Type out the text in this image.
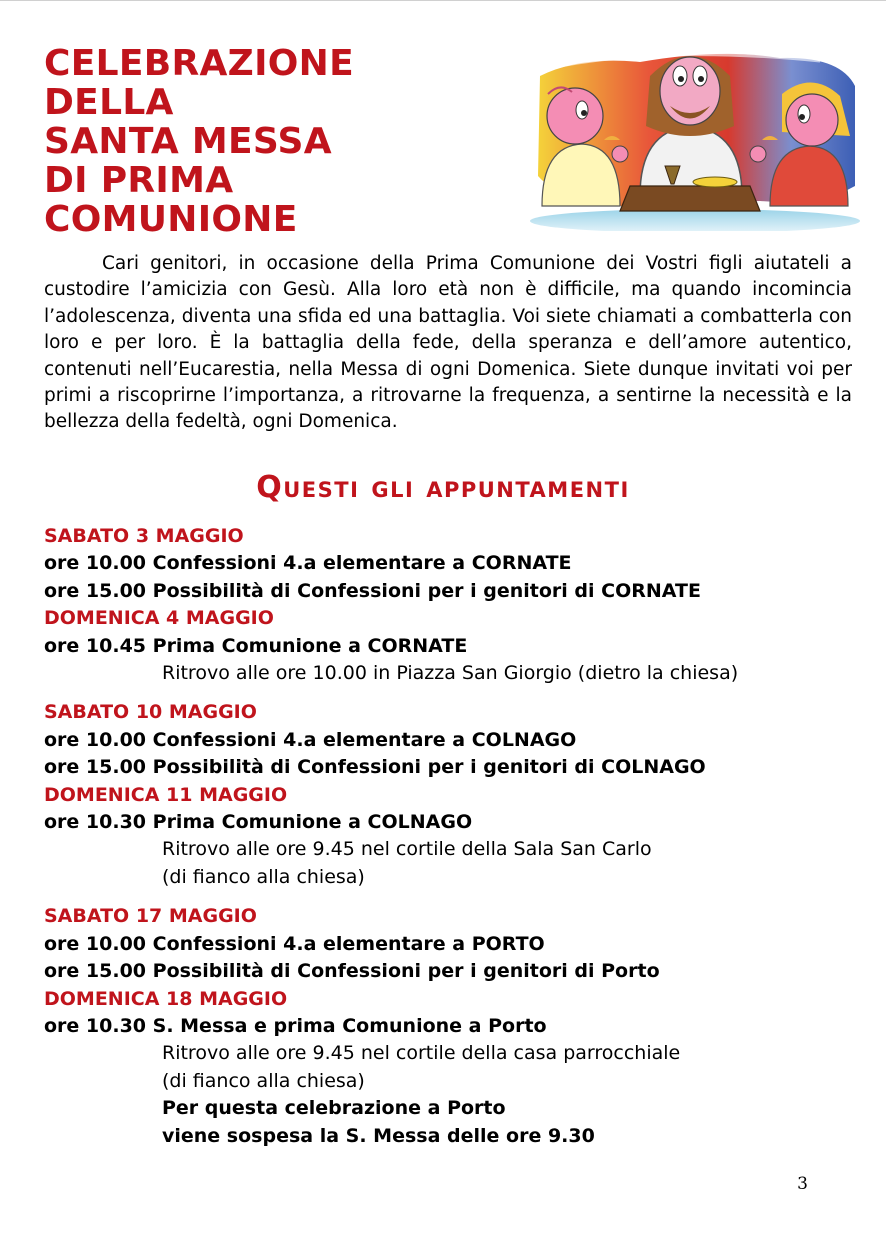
CELEBRAZIONE
DELLA
SANTA MESSA
DI PRIMA
COMUNIONE

Cari genitori, in occasione della Prima Comunione dei Vostri figli aiutateli a custodire l’amicizia con Gesù. Alla loro età non è difficile, ma quando incomincia l’adolescenza, diventa una sfida ed una battaglia. Voi siete chiamati a combatterla con loro e per loro. È la battaglia della fede, della speranza e dell’amore autentico, contenuti nell’Eucarestia, nella Messa di ogni Domenica. Siete dunque invitati voi per primi a riscoprirne l’importanza, a ritrovarne la frequenza, a sentirne la necessità e la bellezza della fedeltà, ogni Domenica.

Questi gli appuntamenti
SABATO 3 MAGGIO
ore 10.00 Confessioni 4.a elementare a CORNATE
ore 15.00 Possibilità di Confessioni per i genitori di CORNATE
DOMENICA 4 MAGGIO
ore 10.45 Prima Comunione a CORNATE
Ritrovo alle ore 10.00 in Piazza San Giorgio (dietro la chiesa)
SABATO 10 MAGGIO
ore 10.00 Confessioni 4.a elementare a COLNAGO
ore 15.00 Possibilità di Confessioni per i genitori di COLNAGO
DOMENICA 11 MAGGIO
ore 10.30 Prima Comunione a COLNAGO
Ritrovo alle ore 9.45 nel cortile della Sala San Carlo
(di fianco alla chiesa)
SABATO 17 MAGGIO
ore 10.00 Confessioni 4.a elementare a PORTO
ore 15.00 Possibilità di Confessioni per i genitori di Porto
DOMENICA 18 MAGGIO
ore 10.30 S. Messa e prima Comunione a Porto
Ritrovo alle ore 9.45 nel cortile della casa parrocchiale
(di fianco alla chiesa)
Per questa celebrazione a Porto
viene sospesa la S. Messa delle ore 9.30
3
